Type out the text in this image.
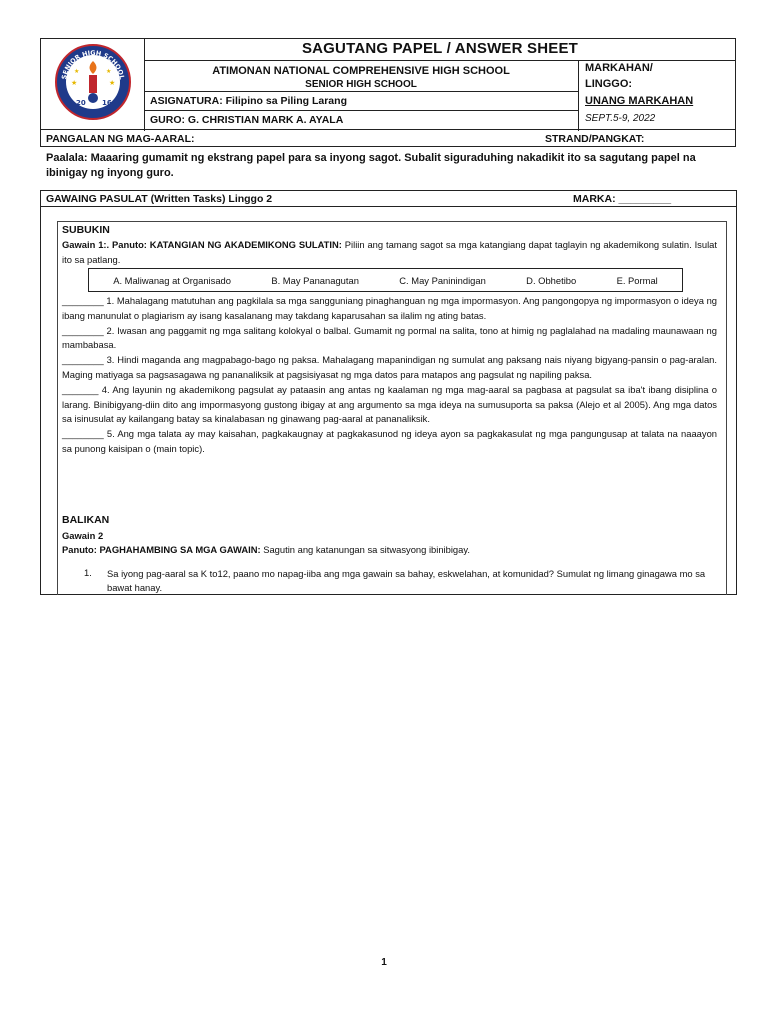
SENIOR HIGH SCHOOL
20 16
★	★
★	★
SAGUTANG PAPEL / ANSWER SHEET
ATIMONAN NATIONAL COMPREHENSIVE HIGH SCHOOL
SENIOR HIGH SCHOOL
ASIGNATURA: Filipino sa Piling Larang
GURO: G. CHRISTIAN MARK A. AYALA
MARKAHAN/
LINGGO:
UNANG MARKAHAN
SEPT.5-9, 2022
PANGALAN NG MAG-AARAL:	STRAND/PANGKAT:
Paalala: Maaaring gumamit ng ekstrang papel para sa inyong sagot. Subalit siguraduhing nakadikit ito sa sagutang papel na ibinigay ng inyong guro.
GAWAING PASULAT (Written Tasks) Linggo 2	MARKA: _________
SUBUKIN
Gawain 1:. Panuto: KATANGIAN NG AKADEMIKONG SULATIN: Piliin ang tamang sagot sa mga katangiang dapat taglayin ng akademikong sulatin. Isulat ito sa patlang.
A. Maliwanag at Organisado	B. May Pananagutan	C. May Paninindigan	D. Obhetibo	E. Pormal
________ 1. Mahalagang matutuhan ang pagkilala sa mga sangguniang pinaghanguan ng mga impormasyon. Ang pangongopya ng impormasyon o ideya ng ibang manunulat o plagiarism ay isang kasalanang may takdang kaparusahan sa ilalim ng ating batas.
________ 2. Iwasan ang paggamit ng mga salitang kolokyal o balbal. Gumamit ng pormal na salita, tono at himig ng paglalahad na madaling maunawaan ng mambabasa.
________ 3. Hindi maganda ang magpabago-bago ng paksa. Mahalagang mapanindigan ng sumulat ang paksang nais niyang bigyang-pansin o pag-aralan. Maging matiyaga sa pagsasagawa ng pananaliksik at pagsisiyasat ng mga datos para matapos ang pagsulat ng napiling paksa.
_______ 4. Ang layunin ng akademikong pagsulat ay pataasin ang antas ng kaalaman ng mga mag-aaral sa pagbasa at pagsulat sa iba't ibang disiplina o larang. Binibigyang-diin dito ang impormasyong gustong ibigay at ang argumento sa mga ideya na sumusuporta sa paksa (Alejo et al 2005). Ang mga datos sa isinusulat ay kailangang batay sa kinalabasan ng ginawang pag-aaral at pananaliksik.
________ 5. Ang mga talata ay may kaisahan, pagkakaugnay at pagkakasunod ng ideya ayon sa pagkakasulat ng mga pangungusap at talata na naaayon sa punong kaisipan o (main topic).
BALIKAN
Gawain 2
Panuto: PAGHAHAMBING SA MGA GAWAIN: Sagutin ang katanungan sa sitwasyong ibinibigay.
1. Sa iyong pag-aaral sa K to12, paano mo napag-iiba ang mga gawain sa bahay, eskwelahan, at komunidad? Sumulat ng limang ginagawa mo sa bawat hanay.
1
